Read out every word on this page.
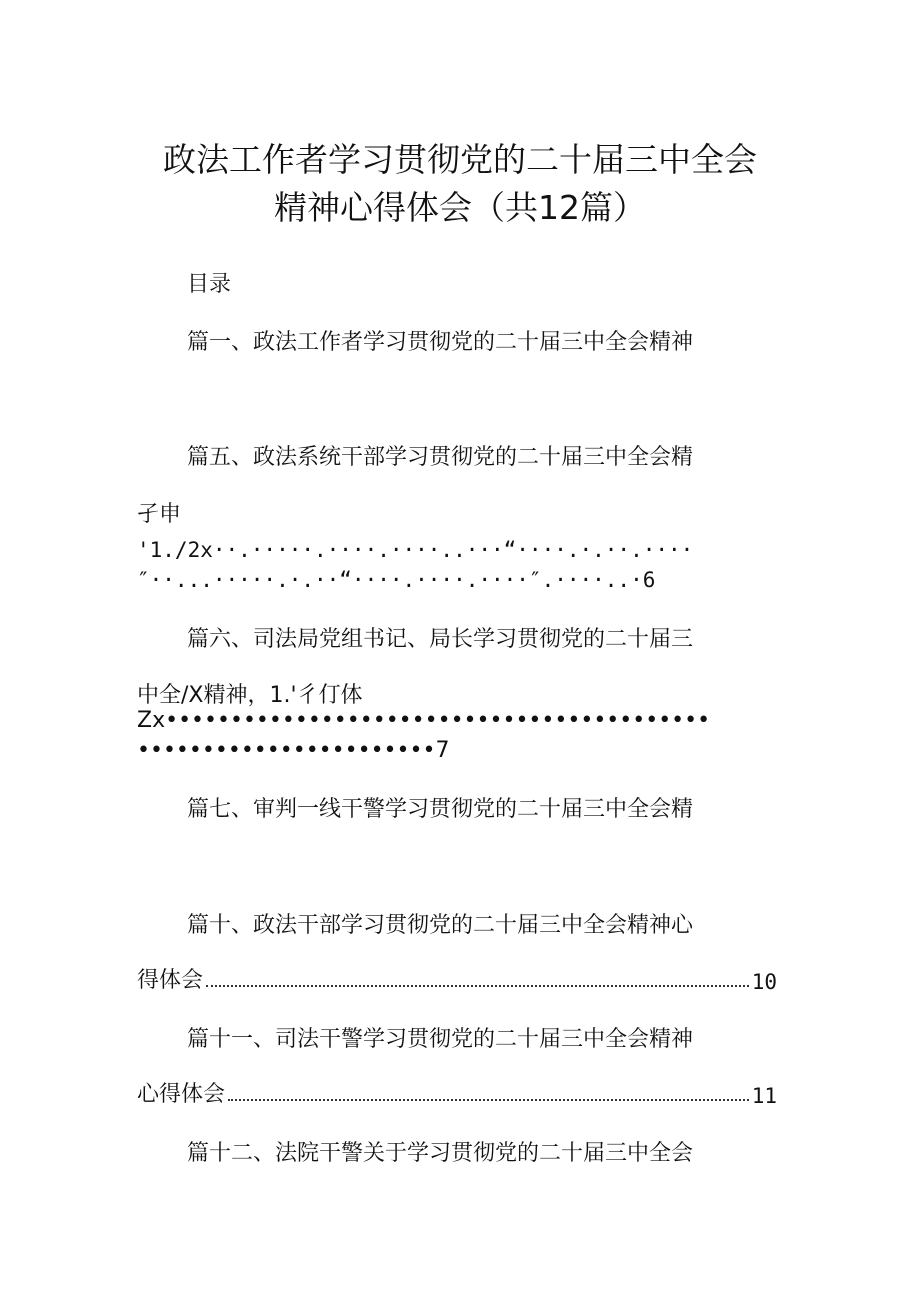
政法工作者学习贯彻党的二十届三中全会
精神心得体会（共12篇）
目录
篇一、政法工作者学习贯彻党的二十届三中全会精神
篇五、政法系统干部学习贯彻党的二十届三中全会精
孑申
'1./2x··.·····.····.····..···“····.·.··.····
″··...·····.·.··“····.····.····″.····..·6
篇六、司法局党组书记、局长学习贯彻党的二十届三
中全/X精神，1.'彳仃体
Zx••••••••••••••••••••••••••••••••••••••••••
•••••••••••••••••••••••7
篇七、审判一线干警学习贯彻党的二十届三中全会精
篇十、政法干部学习贯彻党的二十届三中全会精神心
得体会	10
篇十一、司法干警学习贯彻党的二十届三中全会精神
心得体会	11
篇十二、法院干警关于学习贯彻党的二十届三中全会
